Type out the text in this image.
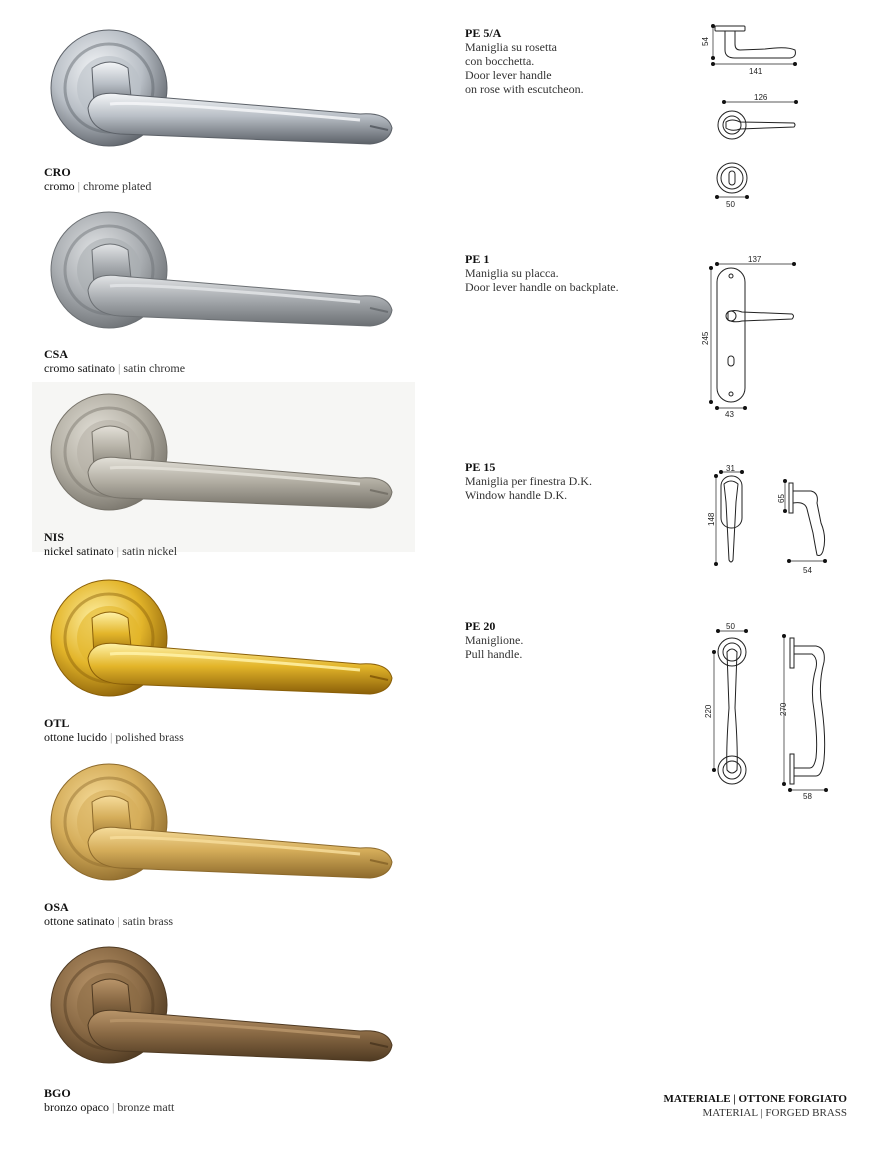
CRO
cromo | chrome plated
CSA
cromo satinato | satin chrome
NIS
nickel satinato | satin nickel
OTL
ottone lucido | polished brass
OSA
ottone satinato | satin brass
BGO
bronzo opaco | bronze matt
PE 5/A
Maniglia su rosetta
con bocchetta.
Door lever handle
on rose with escutcheon.
PE 1
Maniglia su placca.
Door lever handle on backplate.
PE 15
Maniglia per finestra D.K.
Window handle D.K.
PE 20
Maniglione.
Pull handle.
54
141
126
50
137
245
43
31
148
65
54
50
220	270
58
MATERIALE | OTTONE FORGIATO
MATERIAL | FORGED BRASS
